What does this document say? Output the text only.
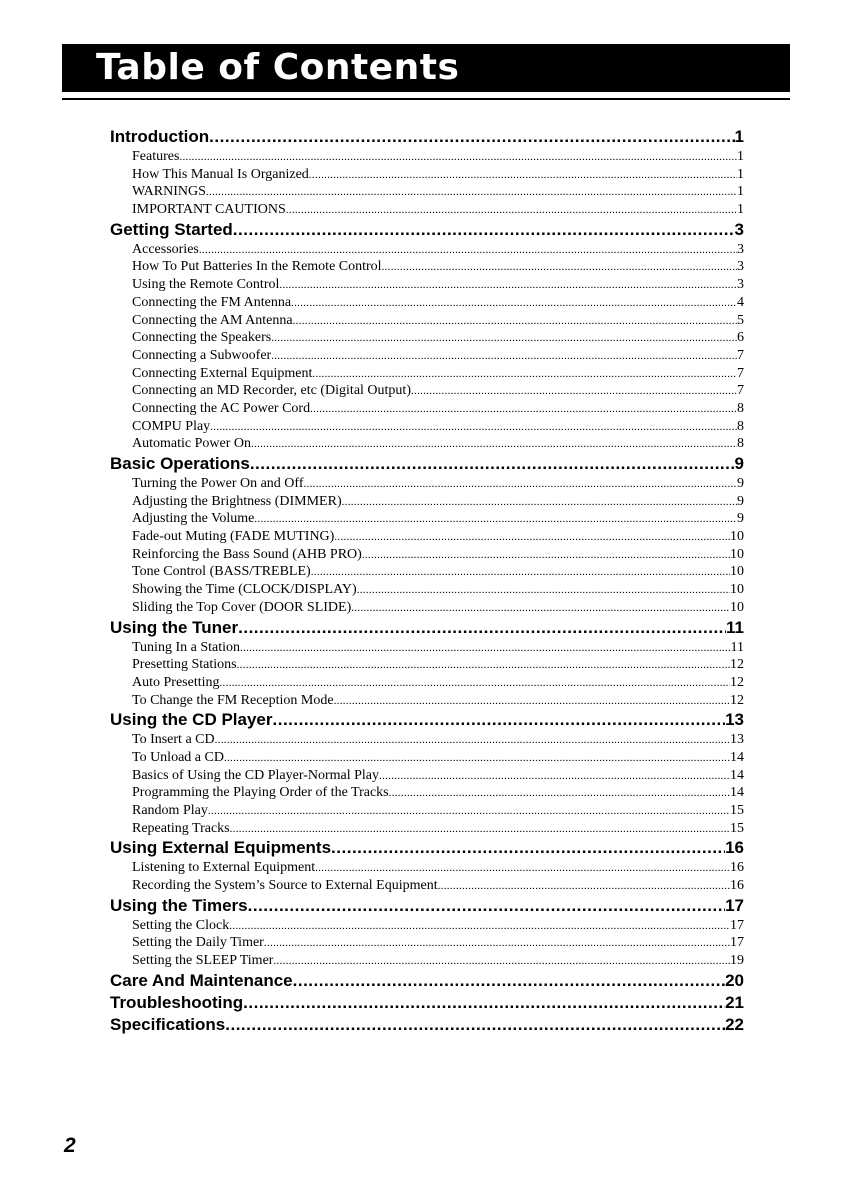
Table of Contents
Introduction .....	1
Features .....	1
How This Manual Is Organized .....	1
WARNINGS .....	1
IMPORTANT CAUTIONS .....	1
Getting Started .....	3
Accessories .....	3
How To Put Batteries In the Remote Control .....	3
Using the Remote Control .....	3
Connecting the FM Antenna .....	4
Connecting the AM Antenna .....	5
Connecting the Speakers .....	6
Connecting a Subwoofer .....	7
Connecting External Equipment .....	7
Connecting an MD Recorder, etc (Digital Output) .....	7
Connecting the AC Power Cord .....	8
COMPU Play .....	8
Automatic Power On .....	8
Basic Operations .....	9
Turning the Power On and Off .....	9
Adjusting the Brightness (DIMMER) .....	9
Adjusting the Volume .....	9
Fade-out Muting (FADE MUTING) .....	10
Reinforcing the Bass Sound (AHB PRO) .....	10
Tone Control (BASS/TREBLE) .....	10
Showing the Time (CLOCK/DISPLAY) .....	10
Sliding the Top Cover (DOOR SLIDE) .....	10
Using the Tuner .....	11
Tuning In a Station .....	11
Presetting Stations .....	12
Auto Presetting .....	12
To Change the FM Reception Mode .....	12
Using the CD Player .....	13
To Insert a CD .....	13
To Unload a CD .....	14
Basics of Using the CD Player-Normal Play .....	14
Programming the Playing Order of the Tracks .....	14
Random Play .....	15
Repeating Tracks .....	15
Using External Equipments .....	16
Listening to External Equipment .....	16
Recording the System’s Source to External Equipment .....	16
Using the Timers .....	17
Setting the Clock .....	17
Setting the Daily Timer .....	17
Setting the SLEEP Timer .....	19
Care And Maintenance .....	20
Troubleshooting .....	21
Specifications .....	22
2
